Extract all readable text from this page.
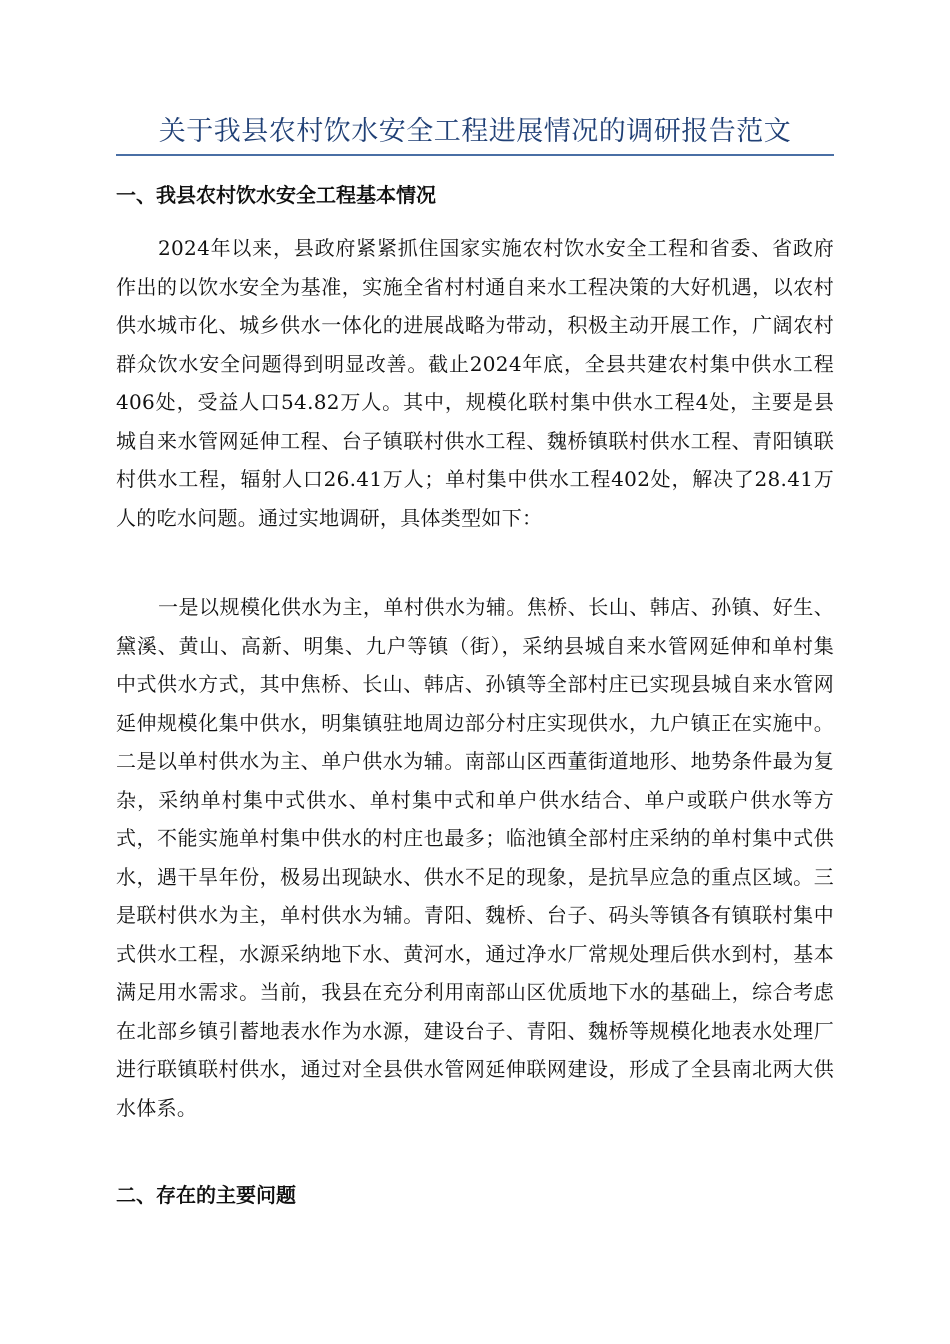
关于我县农村饮水安全工程进展情况的调研报告范文
一、我县农村饮水安全工程基本情况

2024年以来，县政府紧紧抓住国家实施农村饮水安全工程和省委、省政府作出的以饮水安全为基准，实施全省村村通自来水工程决策的大好机遇，以农村供水城市化、城乡供水一体化的进展战略为带动，积极主动开展工作，广阔农村群众饮水安全问题得到明显改善。截止2024年底，全县共建农村集中供水工程406处，受益人口54.82万人。其中，规模化联村集中供水工程4处，主要是县城自来水管网延伸工程、台子镇联村供水工程、魏桥镇联村供水工程、青阳镇联村供水工程，辐射人口26.41万人；单村集中供水工程402处，解决了28.41万人的吃水问题。通过实地调研，具体类型如下：

一是以规模化供水为主，单村供水为辅。焦桥、长山、韩店、孙镇、好生、黛溪、黄山、高新、明集、九户等镇（街），采纳县城自来水管网延伸和单村集中式供水方式，其中焦桥、长山、韩店、孙镇等全部村庄已实现县城自来水管网延伸规模化集中供水，明集镇驻地周边部分村庄实现供水，九户镇正在实施中。二是以单村供水为主、单户供水为辅。南部山区西董街道地形、地势条件最为复杂，采纳单村集中式供水、单村集中式和单户供水结合、单户或联户供水等方式，不能实施单村集中供水的村庄也最多；临池镇全部村庄采纳的单村集中式供水，遇干旱年份，极易出现缺水、供水不足的现象，是抗旱应急的重点区域。三是联村供水为主，单村供水为辅。青阳、魏桥、台子、码头等镇各有镇联村集中式供水工程，水源采纳地下水、黄河水，通过净水厂常规处理后供水到村，基本满足用水需求。当前，我县在充分利用南部山区优质地下水的基础上，综合考虑在北部乡镇引蓄地表水作为水源，建设台子、青阳、魏桥等规模化地表水处理厂进行联镇联村供水，通过对全县供水管网延伸联网建设，形成了全县南北两大供水体系。

二、存在的主要问题
